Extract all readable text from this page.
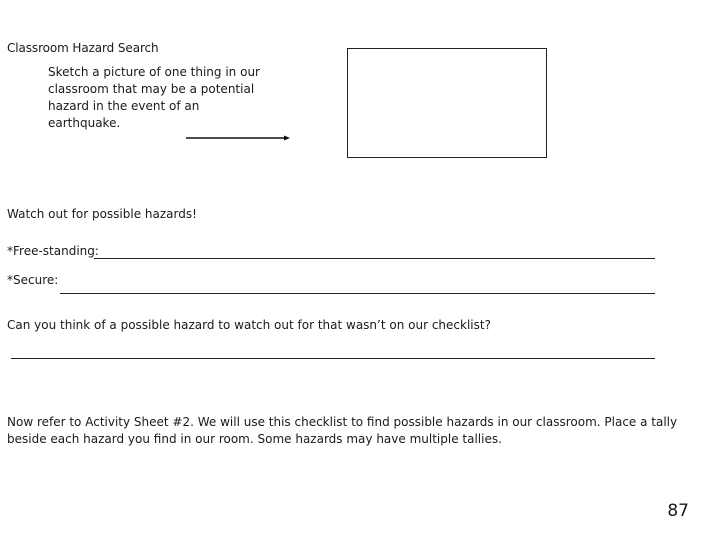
Classroom Hazard Search
Sketch a picture of one thing in our
classroom that may be a potential
hazard in the event of an
earthquake.
Watch out for possible hazards!
*Free-standing:
*Secure:
Can you think of a possible hazard to watch out for that wasn’t on our checklist?
Now refer to Activity Sheet #2. We will use this checklist to find possible hazards in our classroom. Place a tally
beside each hazard you find in our room. Some hazards may have multiple tallies.
87
